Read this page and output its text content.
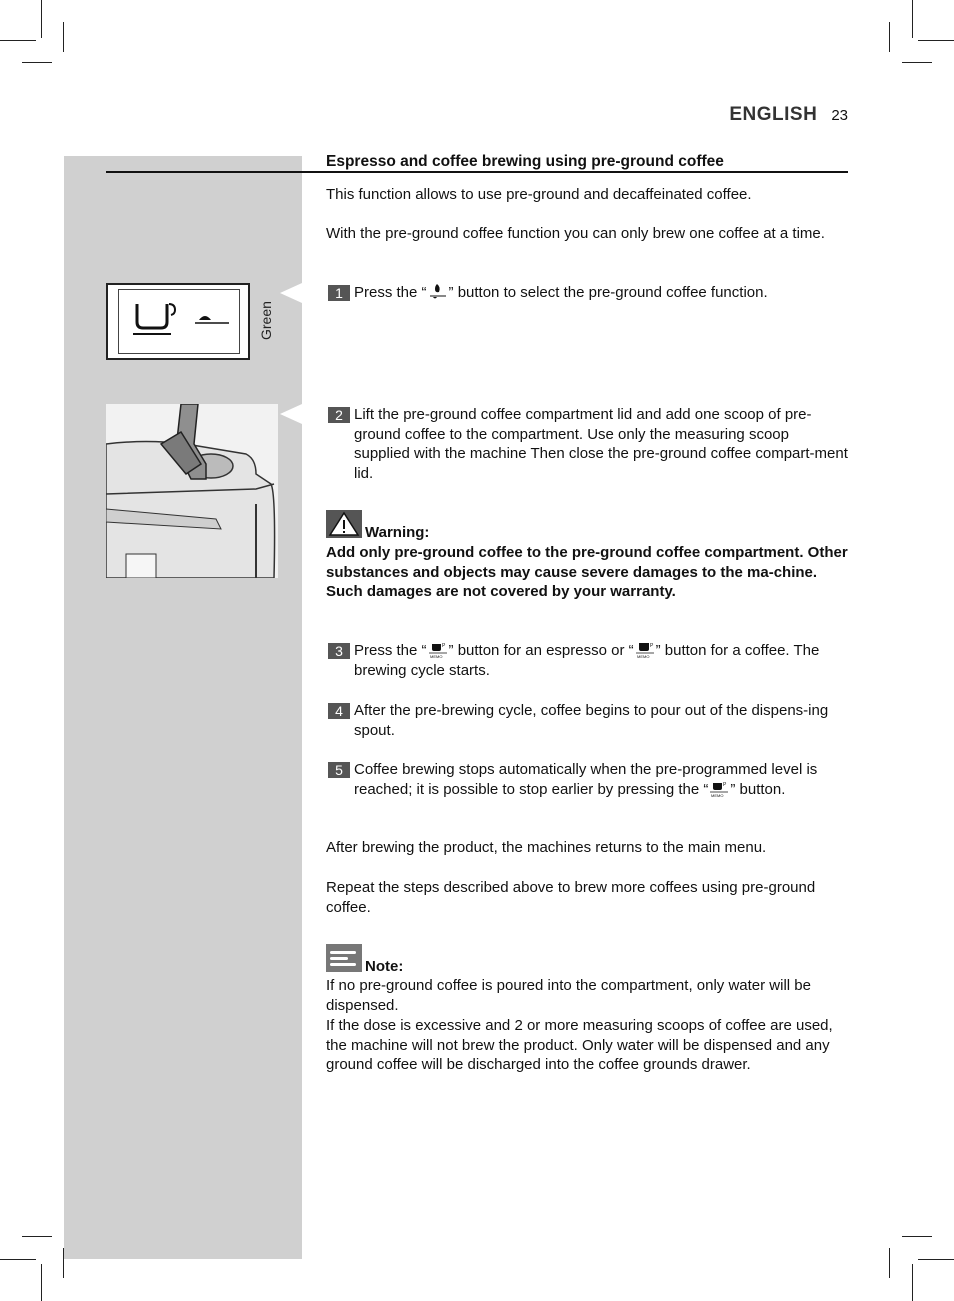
ENGLISH 23
Espresso and coffee brewing using pre-ground coffee
This function allows to use pre-ground and decaffeinated coffee.
With the pre-ground coffee function you can only brew one coffee at a time.
Green
1 Press the “ ” button to select the pre-ground coffee function.
2 Lift the pre-ground coffee compartment lid and add one scoop of pre-ground coffee to the compartment. Use only the measuring scoop supplied with the machine Then close the pre-ground coffee compart-ment lid.
Warning:
Add only pre-ground coffee to the pre-ground coffee compartment. Other substances and objects may cause severe damages to the ma-chine. Such damages are not covered by your warranty.
3 Press the “	P
MEMO ” button for an espresso or “	P
MEMO ” button for a coffee. The brewing cycle starts.
4 After the pre-brewing cycle, coffee begins to pour out of the dispens-ing spout.
5 Coffee brewing stops automatically when the pre-programmed level is reached; it is possible to stop earlier by pressing the “	P
MEMO ” button.
After brewing the product, the machines returns to the main menu.
Repeat the steps described above to brew more coffees using pre-ground coffee.
Note:
If no pre-ground coffee is poured into the compartment, only water will be dispensed.
If the dose is excessive and 2 or more measuring scoops of coffee are used, the machine will not brew the product. Only water will be dispensed and any ground coffee will be discharged into the coffee grounds drawer.
